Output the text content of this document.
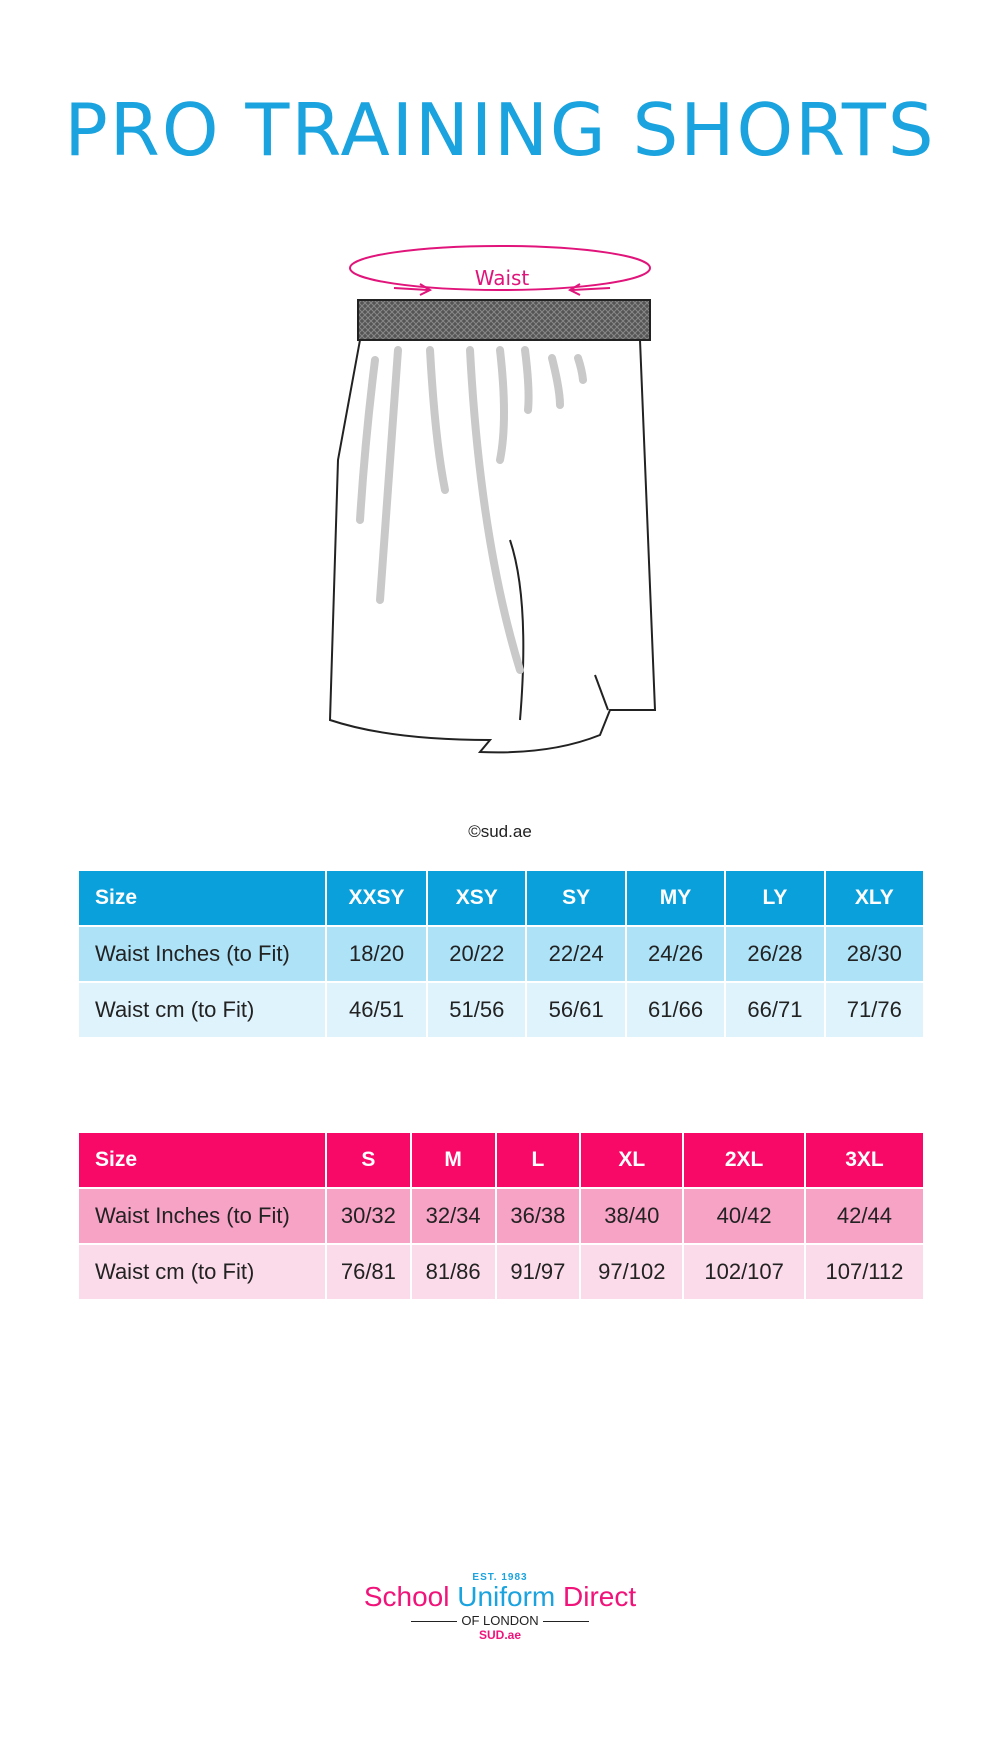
PRO TRAINING SHORTS
Waist
©sud.ae
Size	XXSY	XSY	SY	MY	LY	XLY
Waist Inches (to Fit)	18/20	20/22	22/24	24/26	26/28	28/30
Waist cm (to Fit)	46/51	51/56	56/61	61/66	66/71	71/76
Size	S	M	L	XL	2XL	3XL
Waist Inches (to Fit)	30/32	32/34	36/38	38/40	40/42	42/44
Waist cm (to Fit)	76/81	81/86	91/97	97/102	102/107	107/112
EST. 1983
School Uniform Direct
OF LONDON
SUD.ae
